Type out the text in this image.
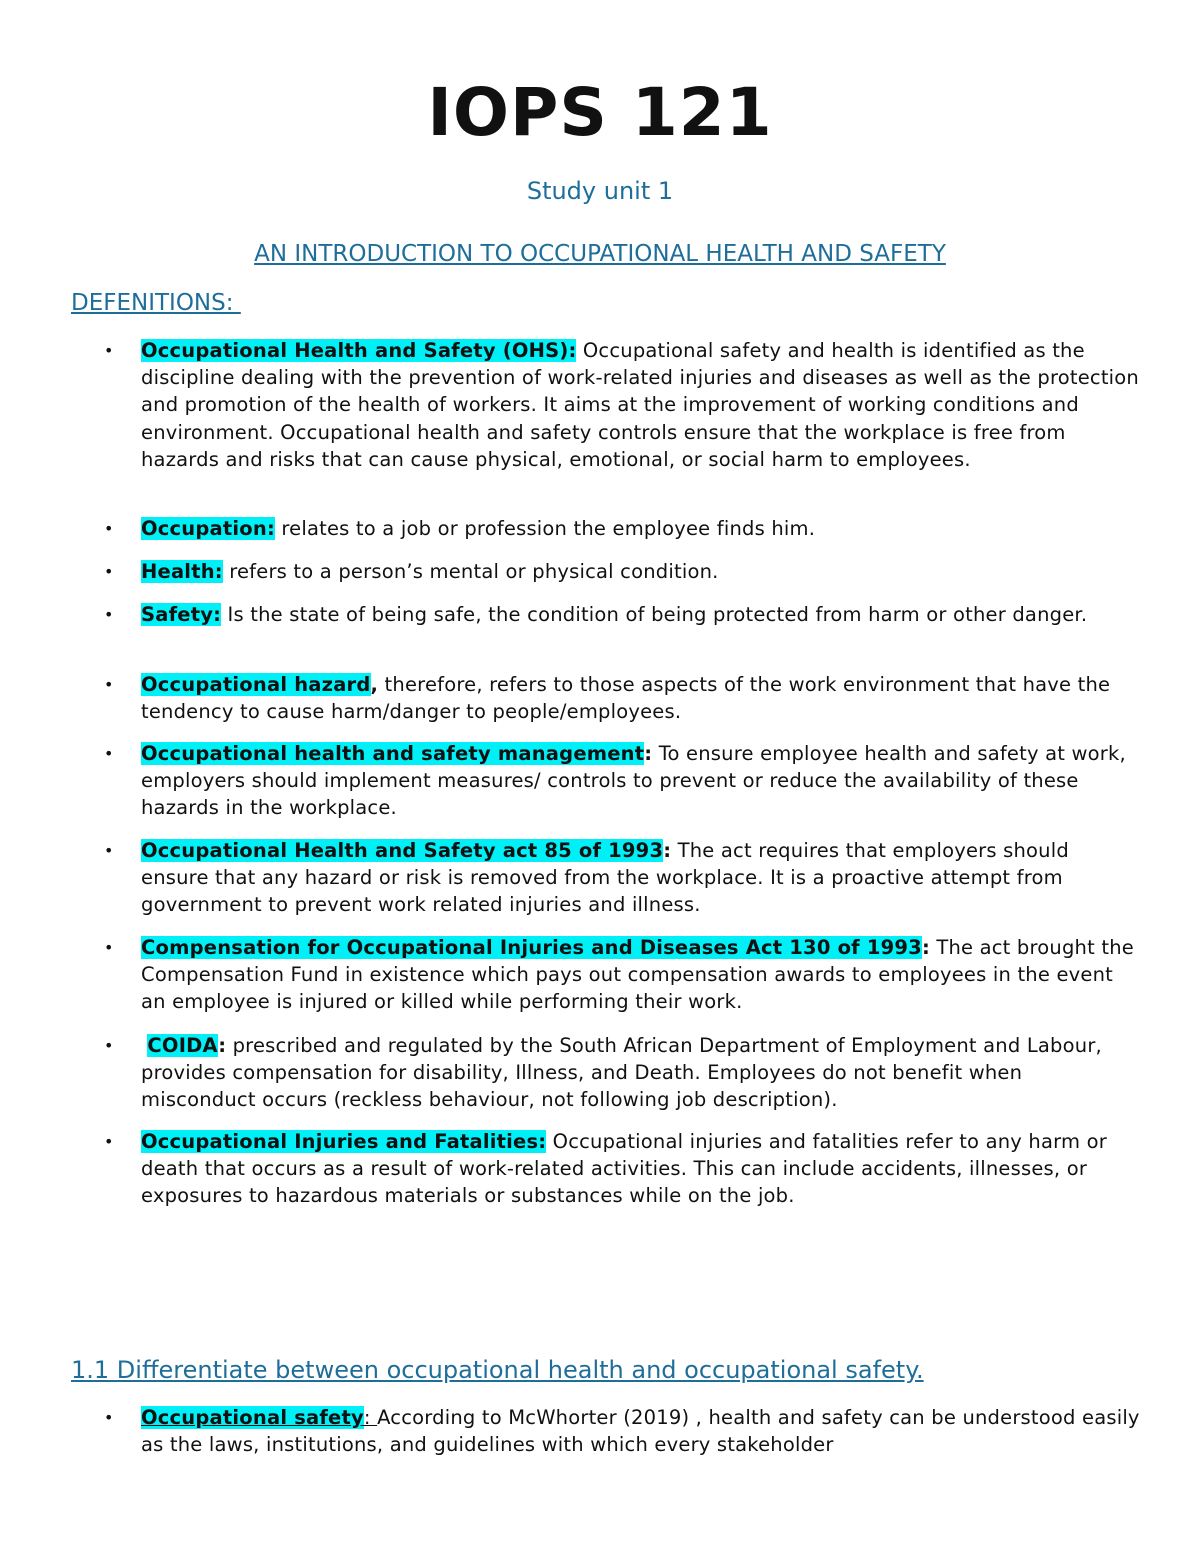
IOPS 121
Study unit 1
AN INTRODUCTION TO OCCUPATIONAL HEALTH AND SAFETY
DEFENITIONS:
• Occupational Health and Safety (OHS): Occupational safety and health is identified as the discipline dealing with the prevention of work-related injuries and diseases as well as the protection and promotion of the health of workers. It aims at the improvement of working conditions and environment. Occupational health and safety controls ensure that the workplace is free from hazards and risks that can cause physical, emotional, or social harm to employees.
• Occupation: relates to a job or profession the employee finds him.
• Health: refers to a person’s mental or physical condition.
• Safety: Is the state of being safe, the condition of being protected from harm or other danger.
• Occupational hazard, therefore, refers to those aspects of the work environment that have the tendency to cause harm/danger to people/employees.
• Occupational health and safety management: To ensure employee health and safety at work, employers should implement measures/ controls to prevent or reduce the availability of these hazards in the workplace.
• Occupational Health and Safety act 85 of 1993: The act requires that employers should ensure that any hazard or risk is removed from the workplace. It is a proactive attempt from government to prevent work related injuries and illness.
• Compensation for Occupational Injuries and Diseases Act 130 of 1993: The act brought the Compensation Fund in existence which pays out compensation awards to employees in the event an employee is injured or killed while performing their work.
•	COIDA: prescribed and regulated by the South African Department of Employment and Labour, provides compensation for disability, Illness, and Death. Employees do not benefit when misconduct occurs (reckless behaviour, not following job description).
• Occupational Injuries and Fatalities: Occupational injuries and fatalities refer to any harm or death that occurs as a result of work-related activities. This can include accidents, illnesses, or exposures to hazardous materials or substances while on the job.
1.1 Differentiate between occupational health and occupational safety.
• Occupational safety: According to McWhorter (2019) , health and safety can be understood easily as the laws, institutions, and guidelines with which every stakeholder
